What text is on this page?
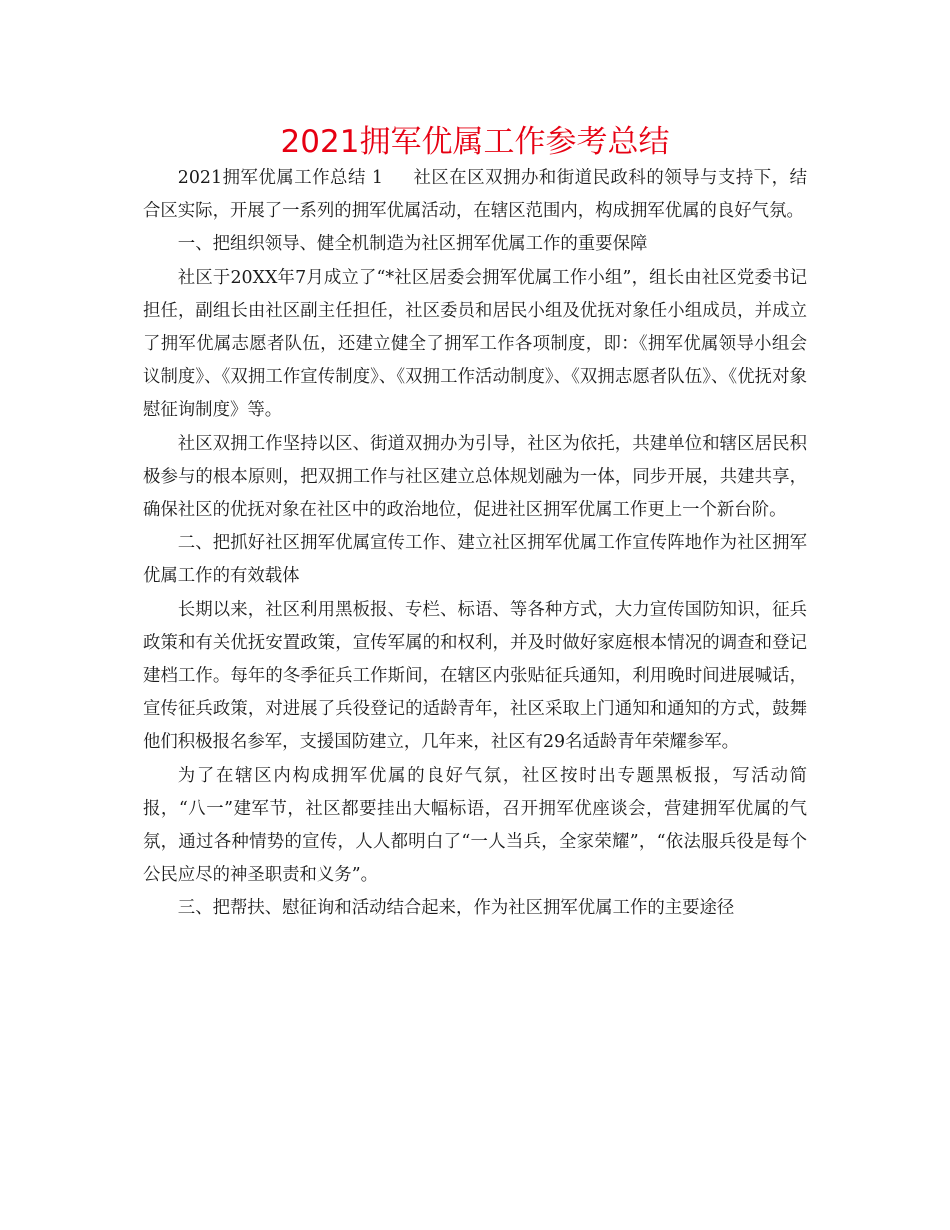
2021拥军优属工作参考总结

2021拥军优属工作总结 1 社区在区双拥办和街道民政科的领导与支持下，结合区实际，开展了一系列的拥军优属活动，在辖区范围内，构成拥军优属的良好气氛。

一、把组织领导、健全机制造为社区拥军优属工作的重要保障

社区于20XX年7月成立了“*社区居委会拥军优属工作小组”，组长由社区党委书记担任，副组长由社区副主任担任，社区委员和居民小组及优抚对象任小组成员，并成立了拥军优属志愿者队伍，还建立健全了拥军工作各项制度，即：《拥军优属领导小组会议制度》、《双拥工作宣传制度》、《双拥工作活动制度》、《双拥志愿者队伍》、《优抚对象慰征询制度》等。

社区双拥工作坚持以区、街道双拥办为引导，社区为依托，共建单位和辖区居民积极参与的根本原则，把双拥工作与社区建立总体规划融为一体，同步开展，共建共享，确保社区的优抚对象在社区中的政治地位，促进社区拥军优属工作更上一个新台阶。

二、把抓好社区拥军优属宣传工作、建立社区拥军优属工作宣传阵地作为社区拥军优属工作的有效载体

长期以来，社区利用黑板报、专栏、标语、等各种方式，大力宣传国防知识，征兵政策和有关优抚安置政策，宣传军属的和权利，并及时做好家庭根本情况的调查和登记建档工作。每年的冬季征兵工作斯间，在辖区内张贴征兵通知，利用晚时间进展喊话，宣传征兵政策，对进展了兵役登记的适龄青年，社区采取上门通知和通知的方式，鼓舞他们积极报名参军，支援国防建立，几年来，社区有29名适龄青年荣耀参军。

为了在辖区内构成拥军优属的良好气氛，社区按时出专题黑板报，写活动简报，“八一”建军节，社区都要挂出大幅标语，召开拥军优座谈会，营建拥军优属的气氛，通过各种情势的宣传，人人都明白了“一人当兵，全家荣耀”，“依法服兵役是每个公民应尽的神圣职责和义务”。

三、把帮扶、慰征询和活动结合起来，作为社区拥军优属工作的主要途径
